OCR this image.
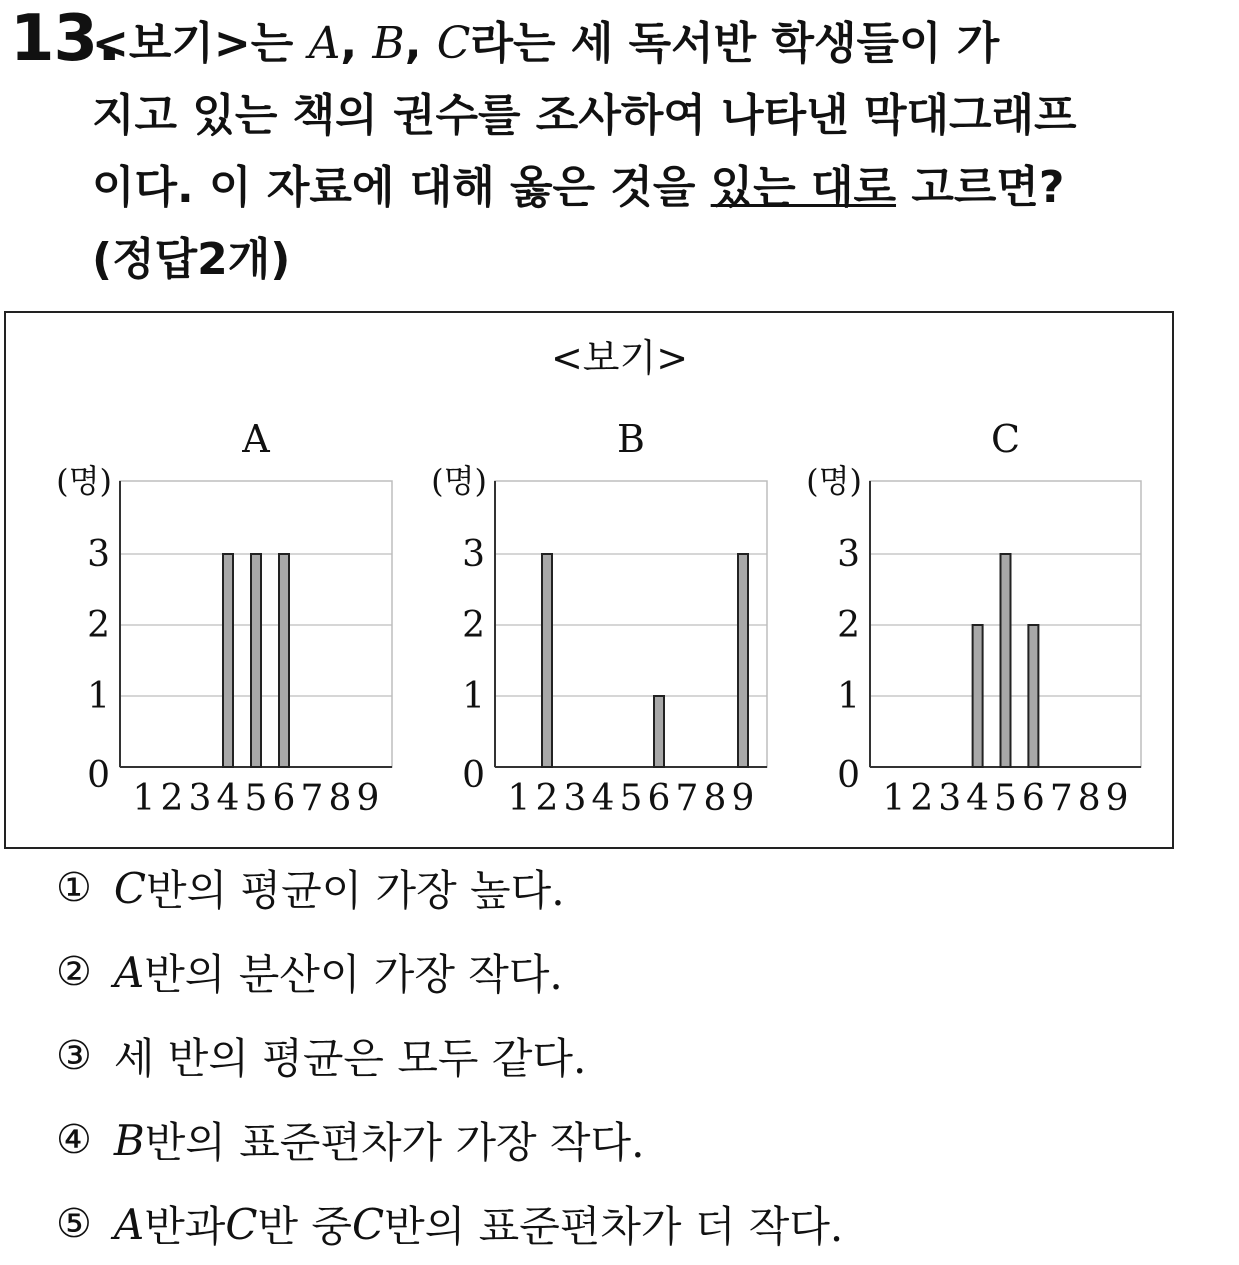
13.
<보기>는 A, B, C라는 세 독서반 학생들이 가
지고 있는 책의 권수를 조사하여 나타낸 막대그래프
이다. 이 자료에 대해 옳은 것을 있는 대로 고르면?
(정답2개)
<보기>
A
(명)
0
1
2
3
1 2 3 4 5 6 7 8 9
B
(명)
0
1
2
3
1 2 3 4 5 6 7 8 9
C
(명)
0
1
2
3
1 2 3 4 5 6 7 8 9
① C 반의 평균이 가장 높다.
② A 반의 분산이 가장 작다.
③ 세 반의 평균은 모두 같다.
④ B 반의 표준편차가 가장 작다.
⑤ A 반과 C 반 중 C 반의 표준편차가 더 작다.
